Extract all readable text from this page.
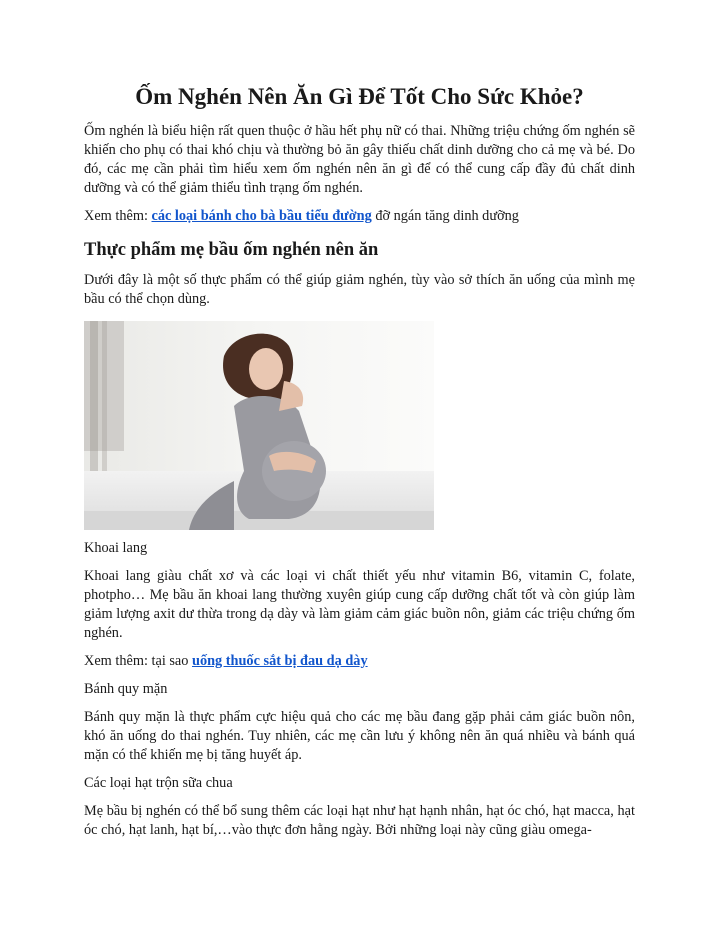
Ốm Nghén Nên Ăn Gì Để Tốt Cho Sức Khỏe?

Ốm nghén là biểu hiện rất quen thuộc ở hầu hết phụ nữ có thai. Những triệu chứng ốm nghén sẽ khiến cho phụ có thai khó chịu và thường bỏ ăn gây thiếu chất dinh dưỡng cho cả mẹ và bé. Do đó, các mẹ cần phải tìm hiểu xem ốm nghén nên ăn gì để có thể cung cấp đầy đủ chất dinh dưỡng và có thể giảm thiểu tình trạng ốm nghén.

Xem thêm: các loại bánh cho bà bầu tiểu đường đỡ ngán tăng dinh dưỡng

Thực phẩm mẹ bầu ốm nghén nên ăn

Dưới đây là một số thực phẩm có thể giúp giảm nghén, tùy vào sở thích ăn uống của mình mẹ bầu có thể chọn dùng.

Khoai lang

Khoai lang giàu chất xơ và các loại vi chất thiết yếu như vitamin B6, vitamin C, folate, photpho… Mẹ bầu ăn khoai lang thường xuyên giúp cung cấp dưỡng chất tốt và còn giúp làm giảm lượng axit dư thừa trong dạ dày và làm giảm cảm giác buồn nôn, giảm các triệu chứng ốm nghén.

Xem thêm: tại sao uống thuốc sắt bị đau dạ dày

Bánh quy mặn

Bánh quy mặn là thực phẩm cực hiệu quả cho các mẹ bầu đang gặp phải cảm giác buồn nôn, khó ăn uống do thai nghén. Tuy nhiên, các mẹ cần lưu ý không nên ăn quá nhiều và bánh quá mặn có thể khiến mẹ bị tăng huyết áp.

Các loại hạt trộn sữa chua

Mẹ bầu bị nghén có thể bổ sung thêm các loại hạt như hạt hạnh nhân, hạt óc chó, hạt macca, hạt óc chó, hạt lanh, hạt bí,…vào thực đơn hằng ngày. Bởi những loại này cũng giàu omega-
